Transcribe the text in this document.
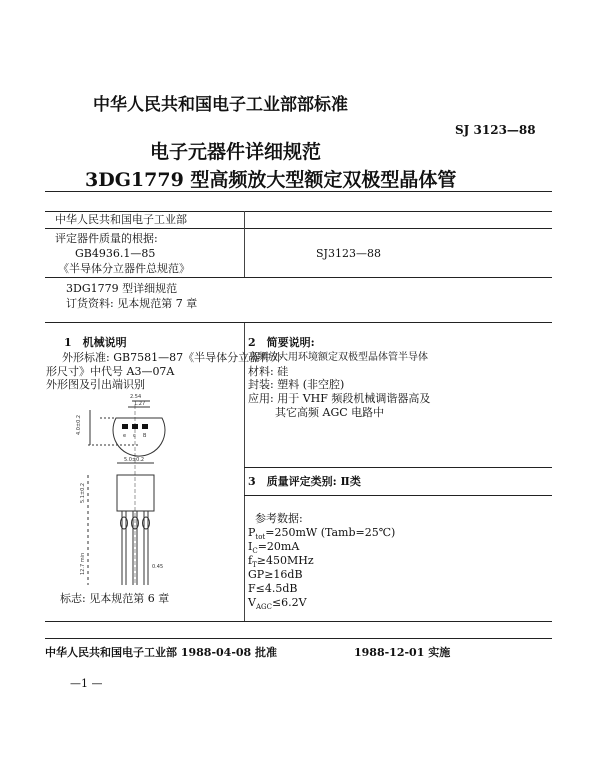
中华人民共和国电子工业部部标准
SJ 3123—88
电子元器件详细规范
3DG1779 型高频放大型额定双极型晶体管
中华人民共和国电子工业部
评定器件质量的根据:
GB4936.1—85
《半导体分立器件总规范》
SJ3123—88
3DG1779 型详细规范
订货资料: 见本规范第 7 章
1　机械说明
外形标准: GB7581—87《半导体分立器件外
形尺寸》中代号 A3—07A
外形图及引出端识别
2.54
1.27
4.0±0.2
5.0±0.2
5.1±0.2
12.7 min	0.45
e c B
标志: 见本规范第 6 章
2　简要说明:
高频放大用环境额定双极型晶体管半导体
材料: 硅
封装: 塑料 (非空腔)
应用: 用于 VHF 频段机械调谐器高及
其它高频 AGC 电路中
3　质量评定类别: Ⅱ类
参考数据:
$P_{tot}=250mW$ (Tamb=25℃)
$I_C=20mA$
$f_T\ge 450MHz$
GP≥16dB
F≤4.5dB
$V_{AGC}\le 6.2V$
中华人民共和国电子工业部 1988-04-08 批准	1988-12-01 实施
—1 —
